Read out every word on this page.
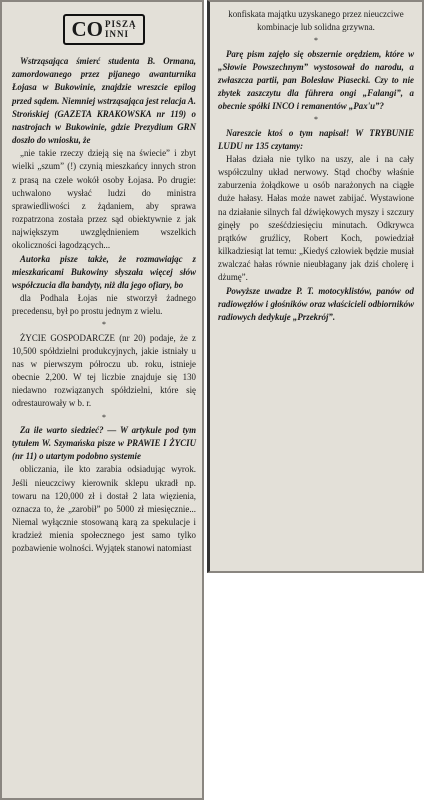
CO PISZĄ
INNI

Wstrząsająca śmierć studenta B. Ormana, zamordowanego przez pijanego awanturnika Łojasa w Bukowinie, znajdzie wreszcie epilog przed sądem. Niemniej wstrząsająca jest relacja A. Strońskiej (GAZETA KRAKOWSKA nr 119) o nastrojach w Bukowinie, gdzie Prezydium GRN doszło do wniosku, że

„nie takie rzeczy dzieją się na świecie” i zbyt wielki „szum” (!) czynią mieszkańcy innych stron z prasą na czele wokół osoby Łojasa. Po drugie: uchwalono wysłać ludzi do ministra sprawiedliwości z żądaniem, aby sprawa rozpatrzona została przez sąd obiektywnie z jak największym uwzględnieniem wszelkich okoliczności łagodzących...

Autorka pisze także, że rozmawiając z mieszkańcami Bukowiny słyszała więcej słów współczucia dla bandyty, niż dla jego ofiary, bo

dla Podhala Łojas nie stworzył żadnego precedensu, był po prostu jednym z wielu.

*

ŻYCIE GOSPODARCZE (nr 20) podaje, że z 10,500 spółdzielni produkcyjnych, jakie istniały u nas w pierwszym półroczu ub. roku, istnieje obecnie 2,200. W tej liczbie znajduje się 130 niedawno rozwiązanych spółdzielni, które się odrestaurowały w b. r.

*

Za ile warto siedzieć? — W artykule pod tym tytułem W. Szymańska pisze w PRAWIE I ŻYCIU (nr 11) o utartym podobno systemie

obliczania, ile kto zarabia odsiadując wyrok. Jeśli nieuczciwy kierownik sklepu ukradł np. towaru na 120,000 zł i dostał 2 lata więzienia, oznacza to, że „zarobił” po 5000 zł miesięcznie... Niemal wyłącznie stosowaną karą za spekulacje i kradzież mienia społecznego jest samo tylko pozbawienie wolności. Wyjątek stanowi natomiast

konfiskata majątku uzyskanego przez nieuczciwe kombinacje lub solidna grzywna.

*

Parę pism zajęło się obszernie orędziem, które w „Słowie Powszechnym” wystosował do narodu, a zwłaszcza partii, pan Bolesław Piasecki. Czy to nie zbytek zaszczytu dla führera ongi „Falangi”, a obecnie spółki INCO i remanentów „Pax'u”?

*

Nareszcie ktoś o tym napisał! W TRYBUNIE LUDU nr 135 czytamy:

Hałas działa nie tylko na uszy, ale i na cały współczulny układ nerwowy. Stąd choćby właśnie zaburzenia żołądkowe u osób narażonych na ciągłe duże hałasy. Hałas może nawet zabijać. Wystawione na działanie silnych fal dźwiękowych myszy i szczury ginęły po sześćdziesięciu minutach. Odkrywca prątków gruźlicy, Robert Koch, powiedział kilkadziesiąt lat temu: „Kiedyś człowiek będzie musiał zwalczać hałas równie nieubłagany jak dziś cholerę i dżumę”.

Powyższe uwadze P. T. motocyklistów, panów od radiowęzłów i głośników oraz właścicieli odbiorników radiowych dedykuje „Przekrój”.
